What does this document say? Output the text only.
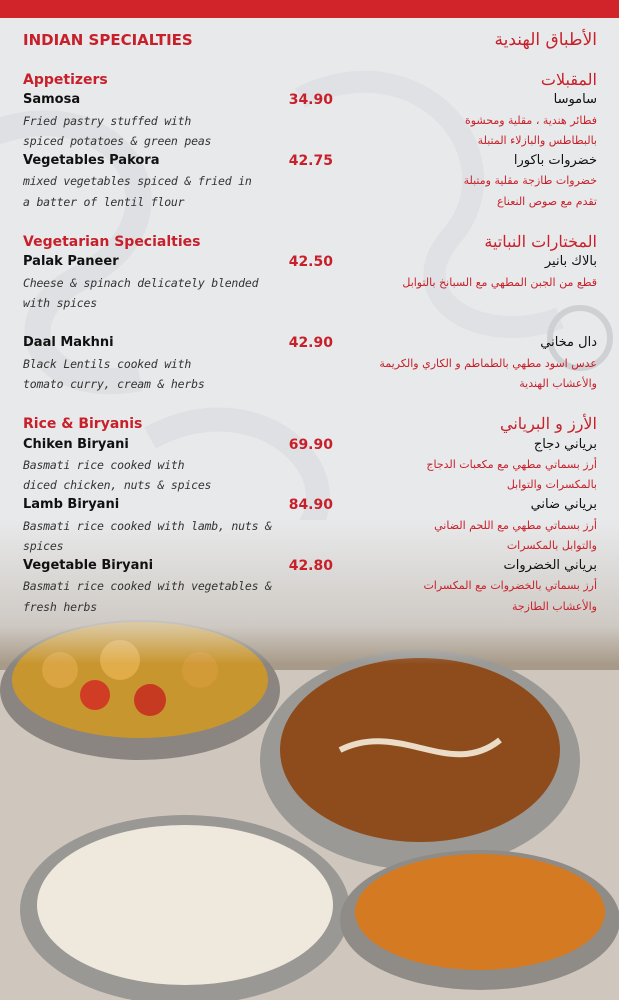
INDIAN SPECIALTIES
Appetizers
Samosa	34.90
Fried pastry stuffed with
spiced potatoes & green peas
Vegetables Pakora	42.75
mixed vegetables spiced & fried in
a batter of lentil flour
Vegetarian Specialties
Palak Paneer	42.50
Cheese & spinach delicately blended
with spices
Daal Makhni	42.90
Black Lentils cooked with
tomato curry, cream & herbs
Rice & Biryanis
Chiken Biryani	69.90
Basmati rice cooked with
diced chicken, nuts & spices
Lamb Biryani	84.90
Basmati rice cooked with lamb, nuts &
spices
Vegetable Biryani	42.80
Basmati rice cooked with vegetables &
fresh herbs
الأطباق الهندية
المقبلات
ساموسا
فطائر هندية ، مقلية ومحشوة
بالبطاطس والبازلاء المتبلة
خضروات باكورا
خضروات طازجة مقلية ومتبلة
تقدم مع صوص النعناع
المختارات النباتية
بالاك بانير
قطع من الجبن المطهي مع السبانخ بالتوابل
دال مخاني
عدس اسود مطهي بالطماطم و الكاري والكريمة
والأعشاب الهندية
الأرز و البرياني
برياني دجاج
أرز بسماتي مطهي مع مكعبات الدجاج
بالمكسرات والتوابل
برياني ضاني
أرز بسماتي مطهي مع اللحم الضاني
والتوابل بالمكسرات
برياني الخضروات
أرز بسماتي بالخضروات مع المكسرات
والأعشاب الطازجة
